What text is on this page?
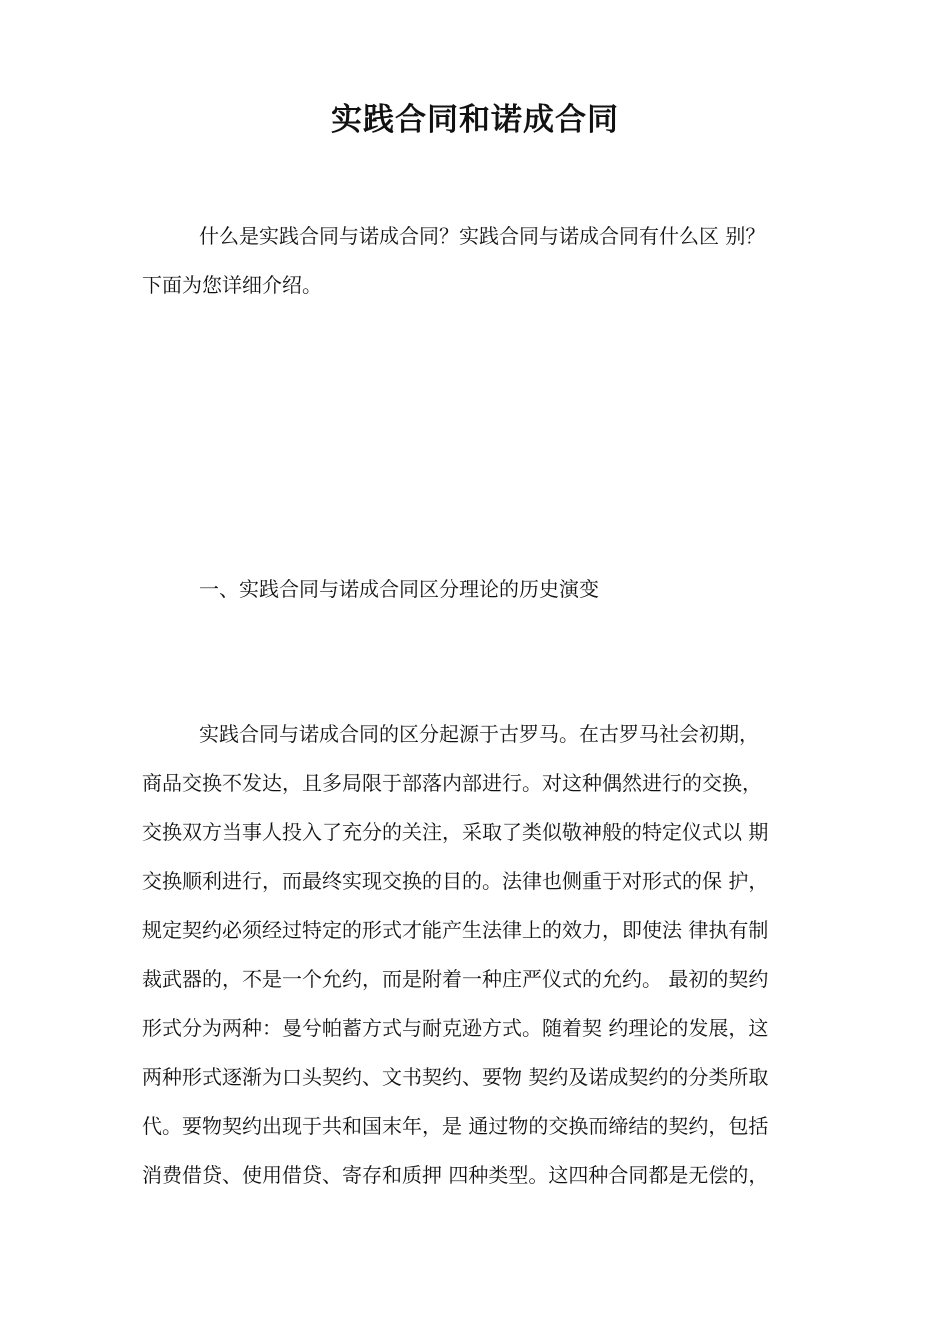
实践合同和诺成合同
什么是实践合同与诺成合同？实践合同与诺成合同有什么区 别？
下面为您详细介绍。
一、实践合同与诺成合同区分理论的历史演变
实践合同与诺成合同的区分起源于古罗马。在古罗马社会初期，
商品交换不发达，且多局限于部落内部进行。对这种偶然进行的交换，
交换双方当事人投入了充分的关注，采取了类似敬神般的特定仪式以 期
交换顺利进行，而最终实现交换的目的。法律也侧重于对形式的保 护，
规定契约必须经过特定的形式才能产生法律上的效力，即使法 律执有制
裁武器的，不是一个允约，而是附着一种庄严仪式的允约。 最初的契约
形式分为两种：曼兮帕蓄方式与耐克逊方式。随着契 约理论的发展，这
两种形式逐渐为口头契约、文书契约、要物 契约及诺成契约的分类所取
代。要物契约出现于共和国末年，是 通过物的交换而缔结的契约，包括
消费借贷、使用借贷、寄存和质押 四种类型。这四种合同都是无偿的，
